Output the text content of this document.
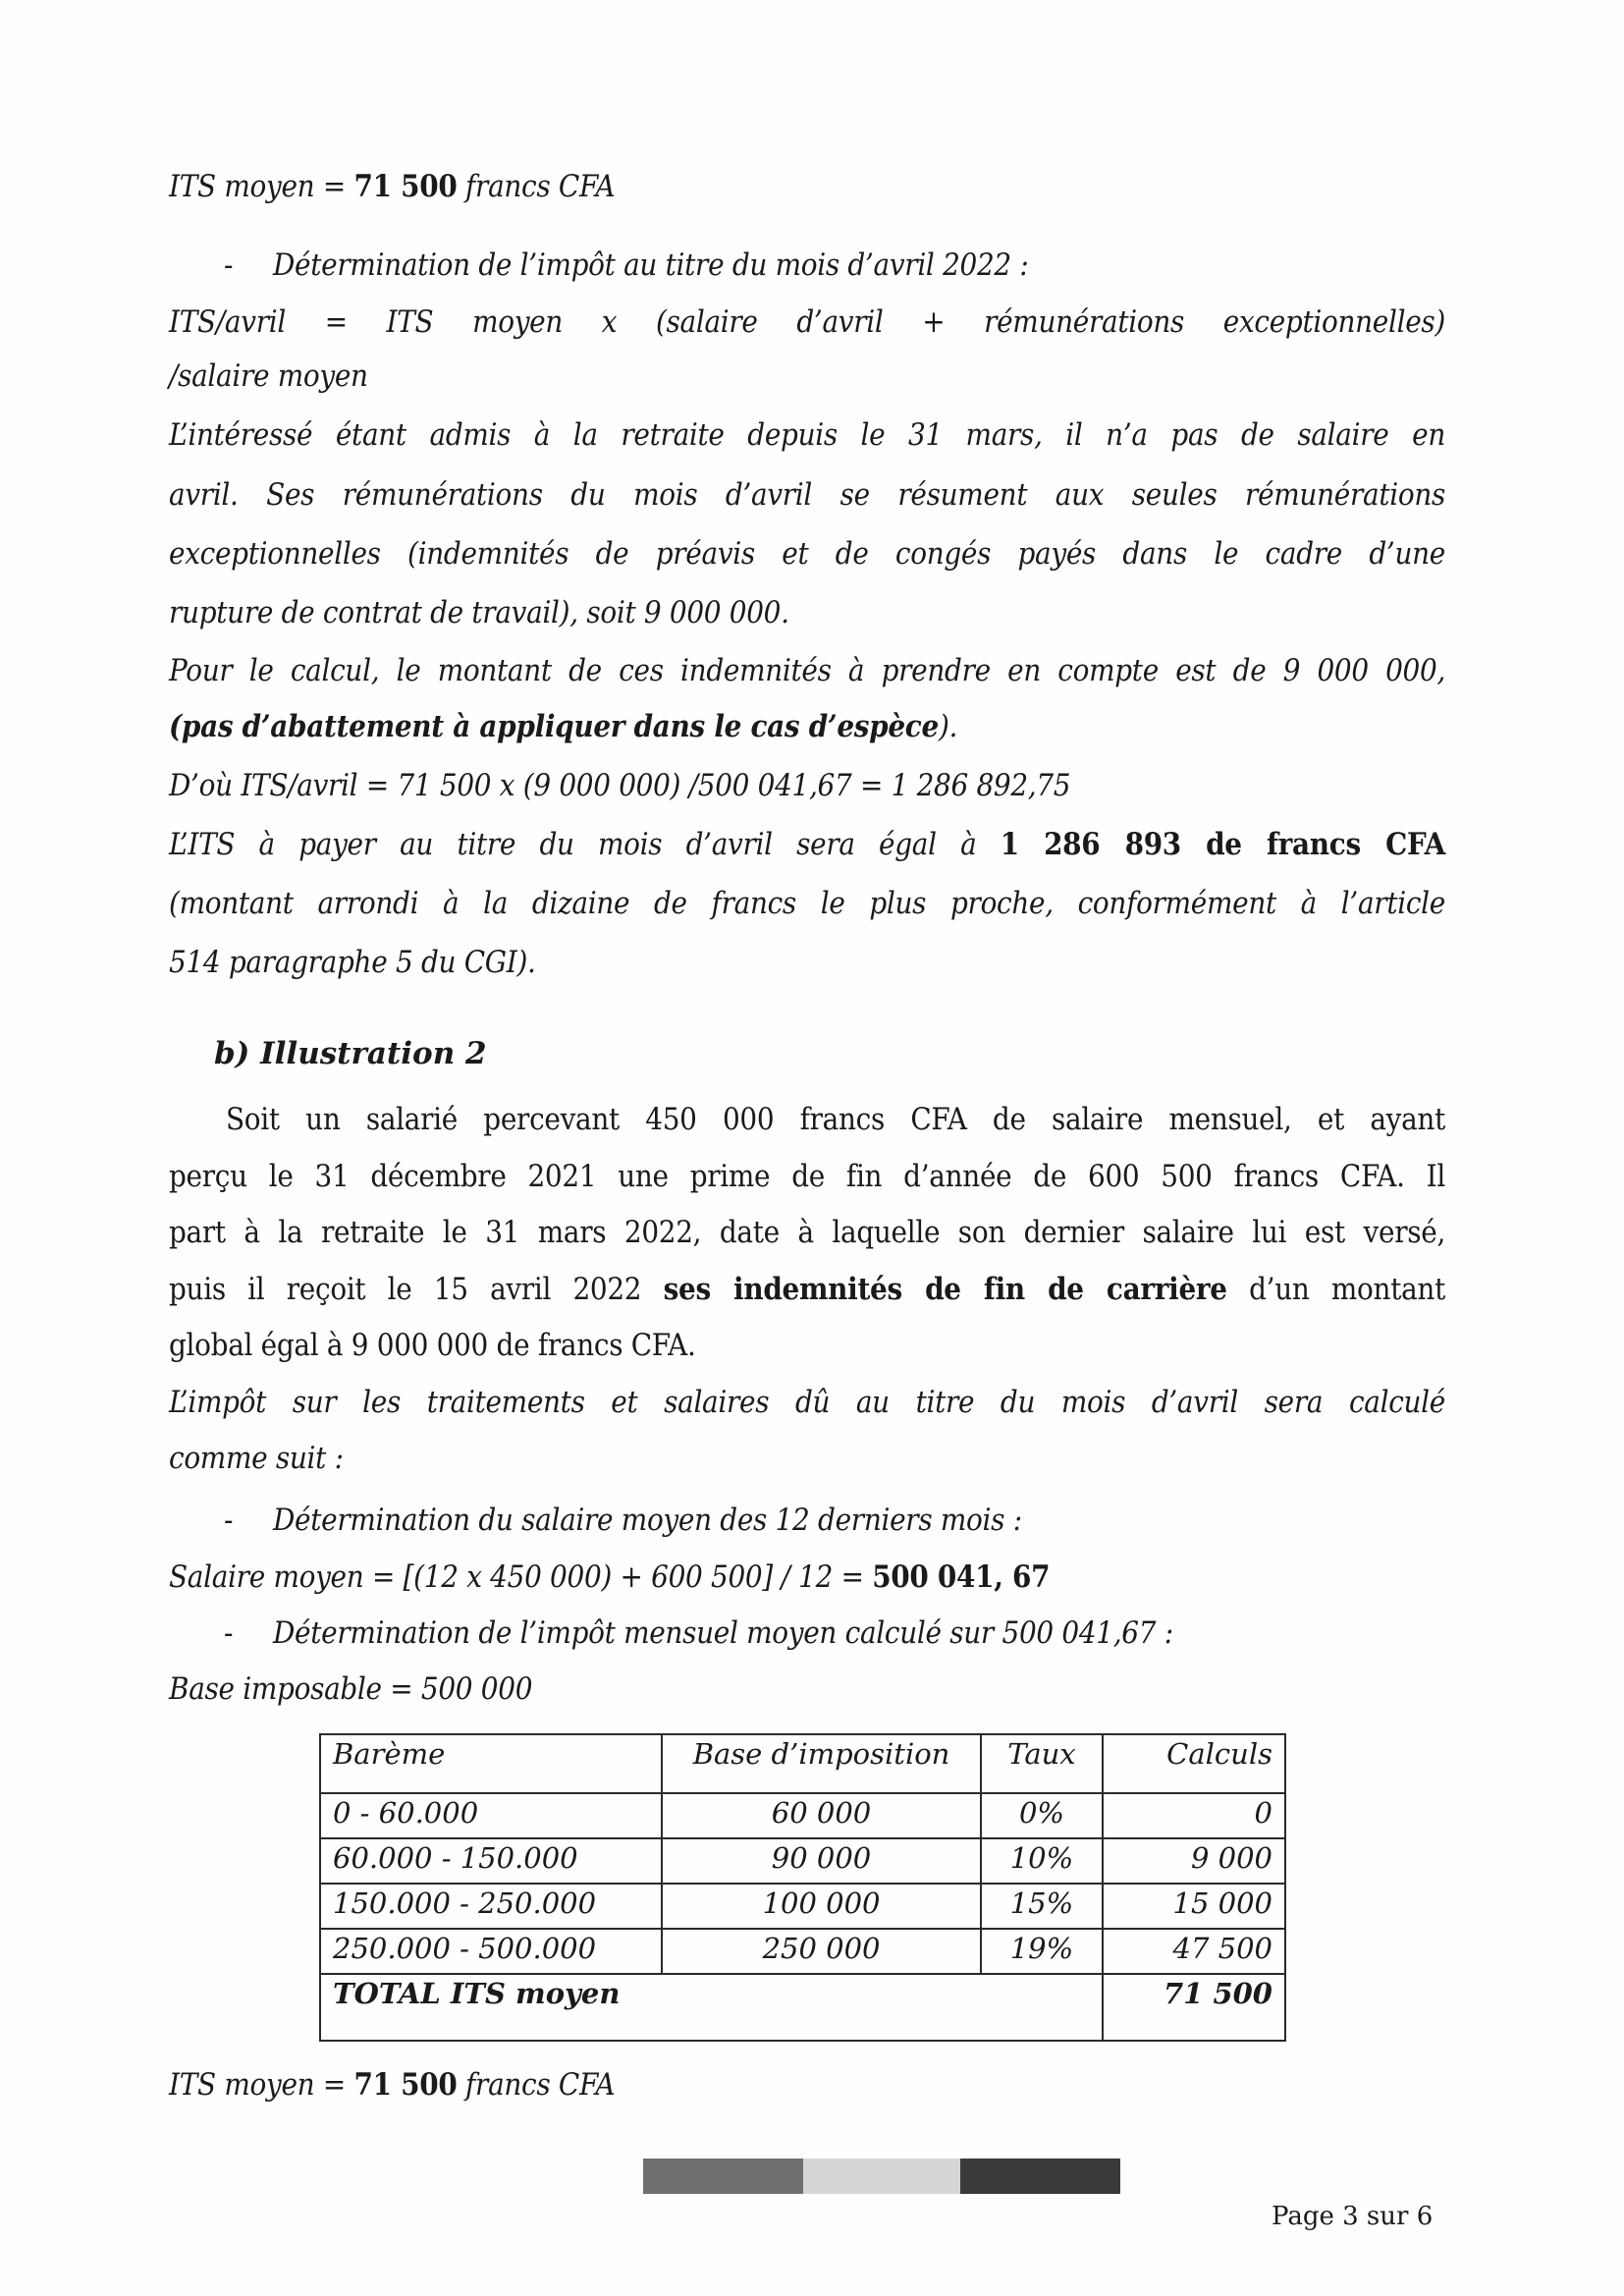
ITS moyen = 71 500 francs CFA
- Détermination de l’impôt au titre du mois d’avril 2022 :
ITS/avril = ITS moyen x (salaire d’avril + rémunérations exceptionnelles)
/salaire moyen
L’intéressé étant admis à la retraite depuis le 31 mars, il n’a pas de salaire en
avril. Ses rémunérations du mois d’avril se résument aux seules rémunérations
exceptionnelles (indemnités de préavis et de congés payés dans le cadre d’une
rupture de contrat de travail), soit 9 000 000.
Pour le calcul, le montant de ces indemnités à prendre en compte est de 9 000 000,
(pas d’abattement à appliquer dans le cas d’espèce).
D’où ITS/avril = 71 500 x (9 000 000) /500 041,67 = 1 286 892,75
L’ITS à payer au titre du mois d’avril sera égal à 1 286 893 de francs CFA
(montant arrondi à la dizaine de francs le plus proche, conformément à l’article
514 paragraphe 5 du CGI).
b) Illustration 2
Soit un salarié percevant 450 000 francs CFA de salaire mensuel, et ayant
perçu le 31 décembre 2021 une prime de fin d’année de 600 500 francs CFA. Il
part à la retraite le 31 mars 2022, date à laquelle son dernier salaire lui est versé,
puis il reçoit le 15 avril 2022 ses indemnités de fin de carrière d’un montant
global égal à 9 000 000 de francs CFA.
L’impôt sur les traitements et salaires dû au titre du mois d’avril sera calculé
comme suit :
- Détermination du salaire moyen des 12 derniers mois :
Salaire moyen = [(12 x 450 000) + 600 500] / 12 = 500 041, 67
- Détermination de l’impôt mensuel moyen calculé sur 500 041,67 :
Base imposable = 500 000
Barème	Base d’imposition	Taux	Calculs
0 - 60.000	60 000	0%	0
60.000 - 150.000	90 000	10%	9 000
150.000 - 250.000	100 000	15%	15 000
250.000 - 500.000	250 000	19%	47 500
TOTAL ITS moyen			71 500
ITS moyen = 71 500 francs CFA
Page 3 sur 6
